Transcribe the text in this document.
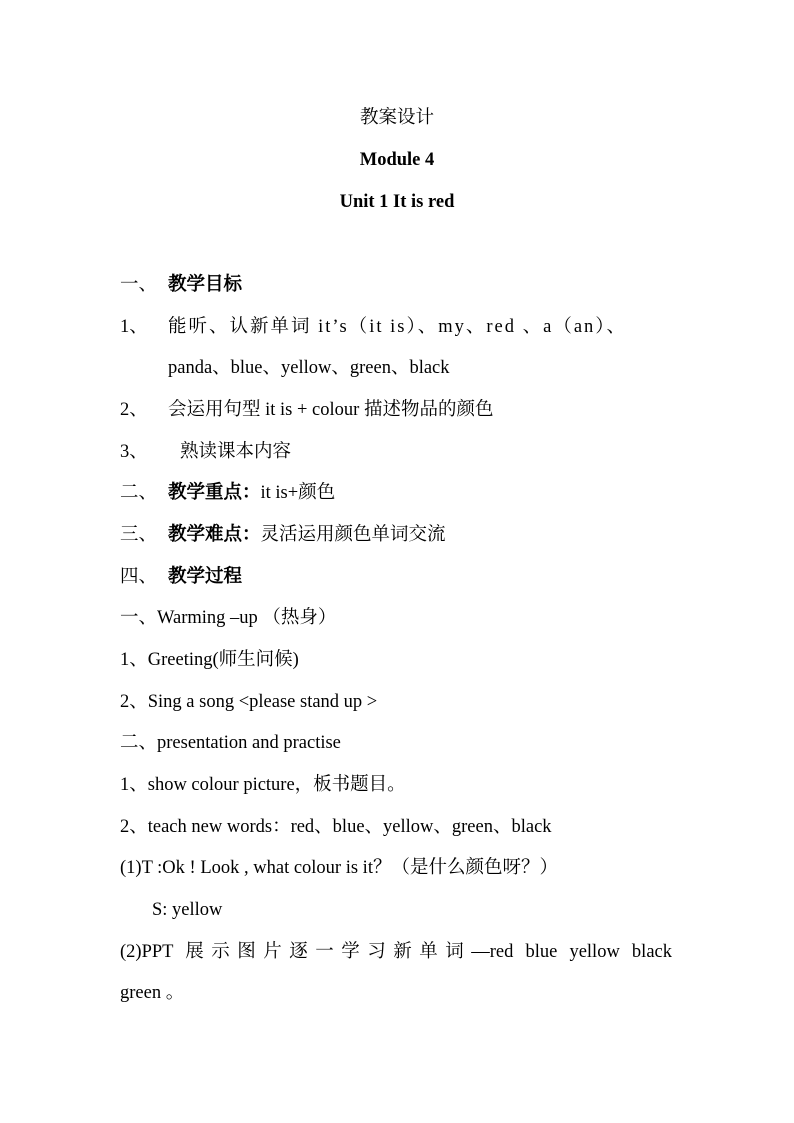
教案设计
Module 4
Unit 1 It is red
一、 教学目标
1、	能听、认新单词 it’s（it is）、my、red 、a（an）、
panda、blue、yellow、green、black
2、 会运用句型 it is + colour 描述物品的颜色
3、 熟读课本内容
二、 教学重点：it is+颜色
三、 教学难点：灵活运用颜色单词交流
四、 教学过程
一、Warming –up （热身）
1、Greeting(师生问候)
2、Sing a song <please stand up >
二、presentation and practise
1、show colour picture，板书题目。
2、teach new words：red、blue、yellow、green、black
(1)T :Ok ! Look , what colour is it？（是什么颜色呀？）
S: yellow
(2)PPT 展示图片逐一学习新单词—red blue yellow black
green 。
